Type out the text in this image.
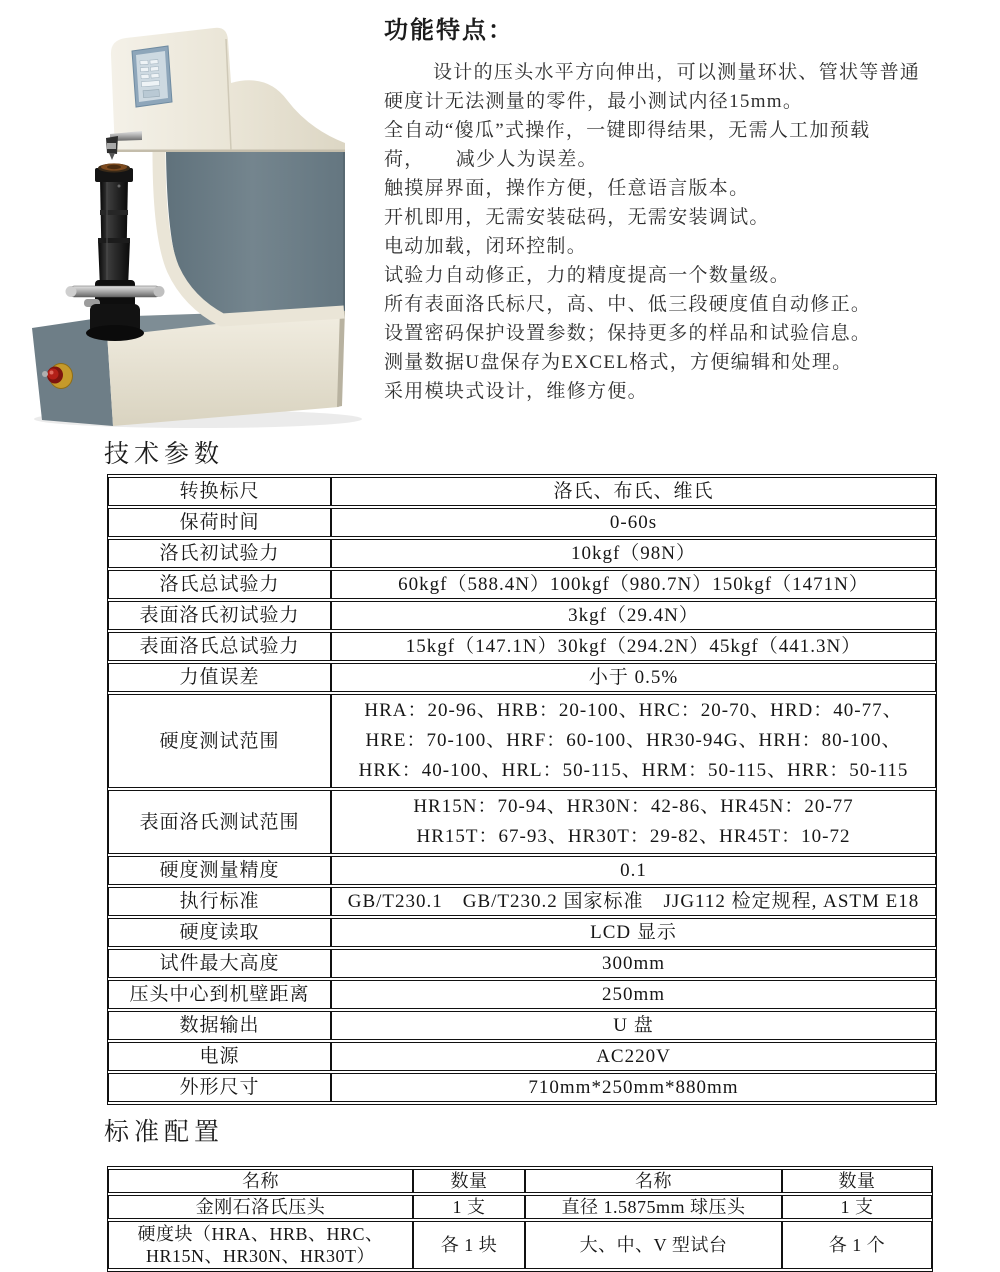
功能特点：
设计的压头水平方向伸出，可以测量环状、管状等普通
硬度计无法测量的零件，最小测试内径15mm。
全自动“傻瓜”式操作，一键即得结果，无需人工加预载
荷，　　减少人为误差。
触摸屏界面，操作方便，任意语言版本。
开机即用，无需安装砝码，无需安装调试。
电动加载，闭环控制。
试验力自动修正，力的精度提高一个数量级。
所有表面洛氏标尺，高、中、低三段硬度值自动修正。
设置密码保护设置参数；保持更多的样品和试验信息。
测量数据U盘保存为EXCEL格式，方便编辑和处理。
采用模块式设计，维修方便。
技术参数
转换标尺	洛氏、布氏、维氏
保荷时间	0-60s
洛氏初试验力	10kgf（98N）
洛氏总试验力	60kgf（588.4N）100kgf（980.7N）150kgf（1471N）
表面洛氏初试验力	3kgf（29.4N）
表面洛氏总试验力	15kgf（147.1N）30kgf（294.2N）45kgf（441.3N）
力值误差	小于 0.5%
硬度测试范围	HRA：20-96、HRB：20-100、HRC：20-70、HRD：40-77、
HRE：70-100、HRF：60-100、HR30-94G、HRH：80-100、
HRK：40-100、HRL：50-115、HRM：50-115、HRR：50-115

表面洛氏测试范围	HR15N：70-94、HR30N：42-86、HR45N：20-77
HR15T：67-93、HR30T：29-82、HR45T：10-72

硬度测量精度	0.1
执行标准	GB/T230.1　GB/T230.2 国家标准　JJG112 检定规程, ASTM E18
硬度读取	LCD 显示
试件最大高度	300mm
压头中心到机壁距离	250mm
数据输出	U 盘
电源	AC220V
外形尺寸	710mm*250mm*880mm
标准配置
名称	数量	名称	数量
金刚石洛氏压头	1 支	直径 1.5875mm 球压头	1 支
硬度块（HRA、HRB、HRC、HR15N、HR30N、HR30T）	各 1 块	大、中、V 型试台	各 1 个
